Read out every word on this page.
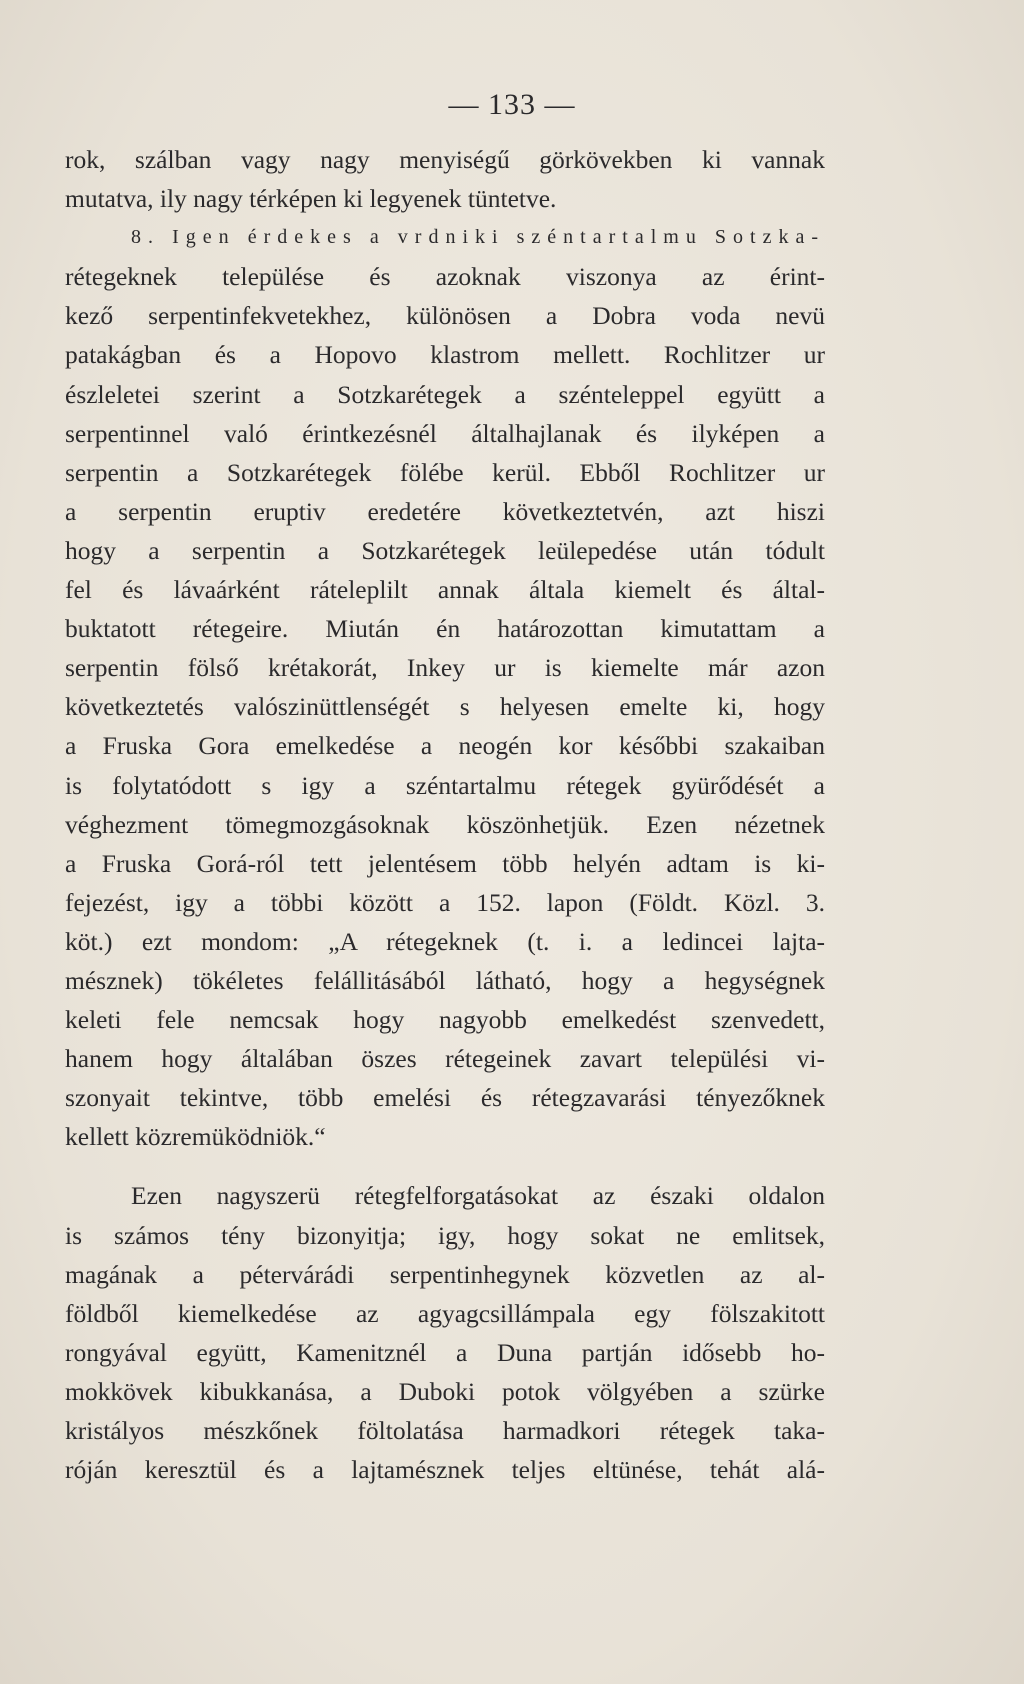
— 133 —
rok, szálban vagy nagy menyiségű görkövekben ki vannak
mutatva, ily nagy térképen ki legyenek tüntetve.
8. Igen érdekes a vrdniki széntartalmu Sotzka-
rétegeknek települése és azoknak viszonya az érint-
kező serpentinfekvetekhez, különösen a Dobra voda nevü
patakágban és a Hopovo klastrom mellett. Rochlitzer ur
észleletei szerint a Sotzkarétegek a szénteleppel együtt a
serpentinnel való érintkezésnél általhajlanak és ilyképen a
serpentin a Sotzkarétegek fölébe kerül. Ebből Rochlitzer ur
a serpentin eruptiv eredetére következtetvén, azt hiszi
hogy a serpentin a Sotzkarétegek leülepedése után tódult
fel és lávaárként ráteleplilt annak általa kiemelt és által-
buktatott rétegeire. Miután én határozottan kimutattam a
serpentin fölső krétakorát, Inkey ur is kiemelte már azon
következtetés valószinüttlenségét s helyesen emelte ki, hogy
a Fruska Gora emelkedése a neogén kor későbbi szakaiban
is folytatódott s igy a széntartalmu rétegek gyürődését a
véghezment tömegmozgásoknak köszönhetjük. Ezen nézetnek
a Fruska Gorá-ról tett jelentésem több helyén adtam is ki-
fejezést, igy a többi között a 152. lapon (Földt. Közl. 3.
köt.) ezt mondom: „A rétegeknek (t. i. a ledincei lajta-
mésznek) tökéletes felállitásából látható, hogy a hegységnek
keleti fele nemcsak hogy nagyobb emelkedést szenvedett,
hanem hogy általában öszes rétegeinek zavart települési vi-
szonyait tekintve, több emelési és rétegzavarási tényezőknek
kellett közremüködniök.“
Ezen nagyszerü rétegfelforgatásokat az északi oldalon
is számos tény bizonyitja; igy, hogy sokat ne emlitsek,
magának a pétervárádi serpentinhegynek közvetlen az al-
földből kiemelkedése az agyagcsillámpala egy fölszakitott
rongyával együtt, Kamenitznél a Duna partján idősebb ho-
mokkövek kibukkanása, a Duboki potok völgyében a szürke
kristályos mészkőnek föltolatása harmadkori rétegek taka-
róján keresztül és a lajtamésznek teljes eltünése, tehát alá-
